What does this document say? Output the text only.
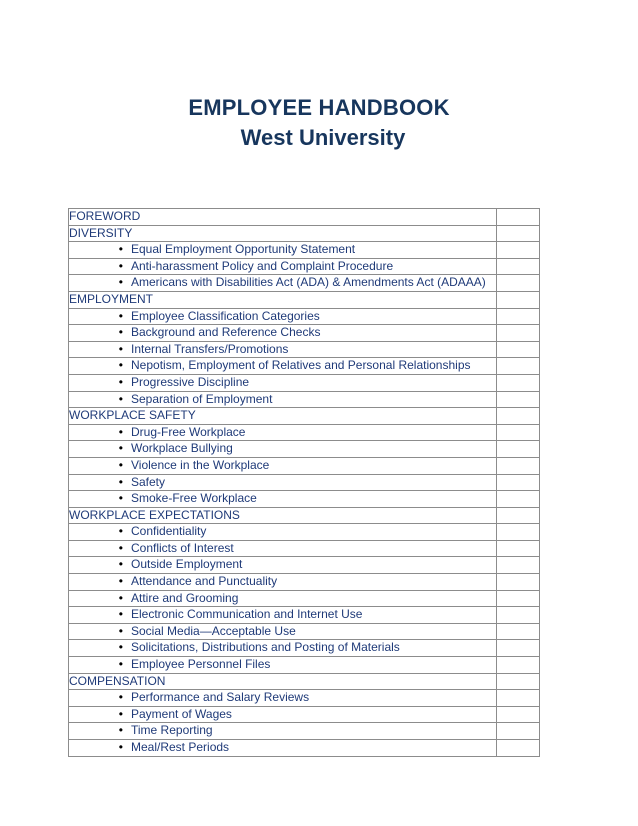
EMPLOYEE HANDBOOK
West University
FOREWORD	
DIVERSITY	

• Equal Employment Opportunity Statement	

• Anti-harassment Policy and Complaint Procedure	

• Americans with Disabilities Act (ADA) & Amendments Act (ADAAA)	

EMPLOYMENT	

• Employee Classification Categories	

• Background and Reference Checks	

• Internal Transfers/Promotions	

• Nepotism, Employment of Relatives and Personal Relationships	

• Progressive Discipline	

• Separation of Employment	

WORKPLACE SAFETY	

• Drug-Free Workplace	

• Workplace Bullying	

• Violence in the Workplace	

• Safety	

• Smoke-Free Workplace	

WORKPLACE EXPECTATIONS	

• Confidentiality	

• Conflicts of Interest	

• Outside Employment	

• Attendance and Punctuality	

• Attire and Grooming	

• Electronic Communication and Internet Use	

• Social Media—Acceptable Use	

• Solicitations, Distributions and Posting of Materials	

• Employee Personnel Files	

COMPENSATION	

• Performance and Salary Reviews	

• Payment of Wages	

• Time Reporting	

• Meal/Rest Periods	
